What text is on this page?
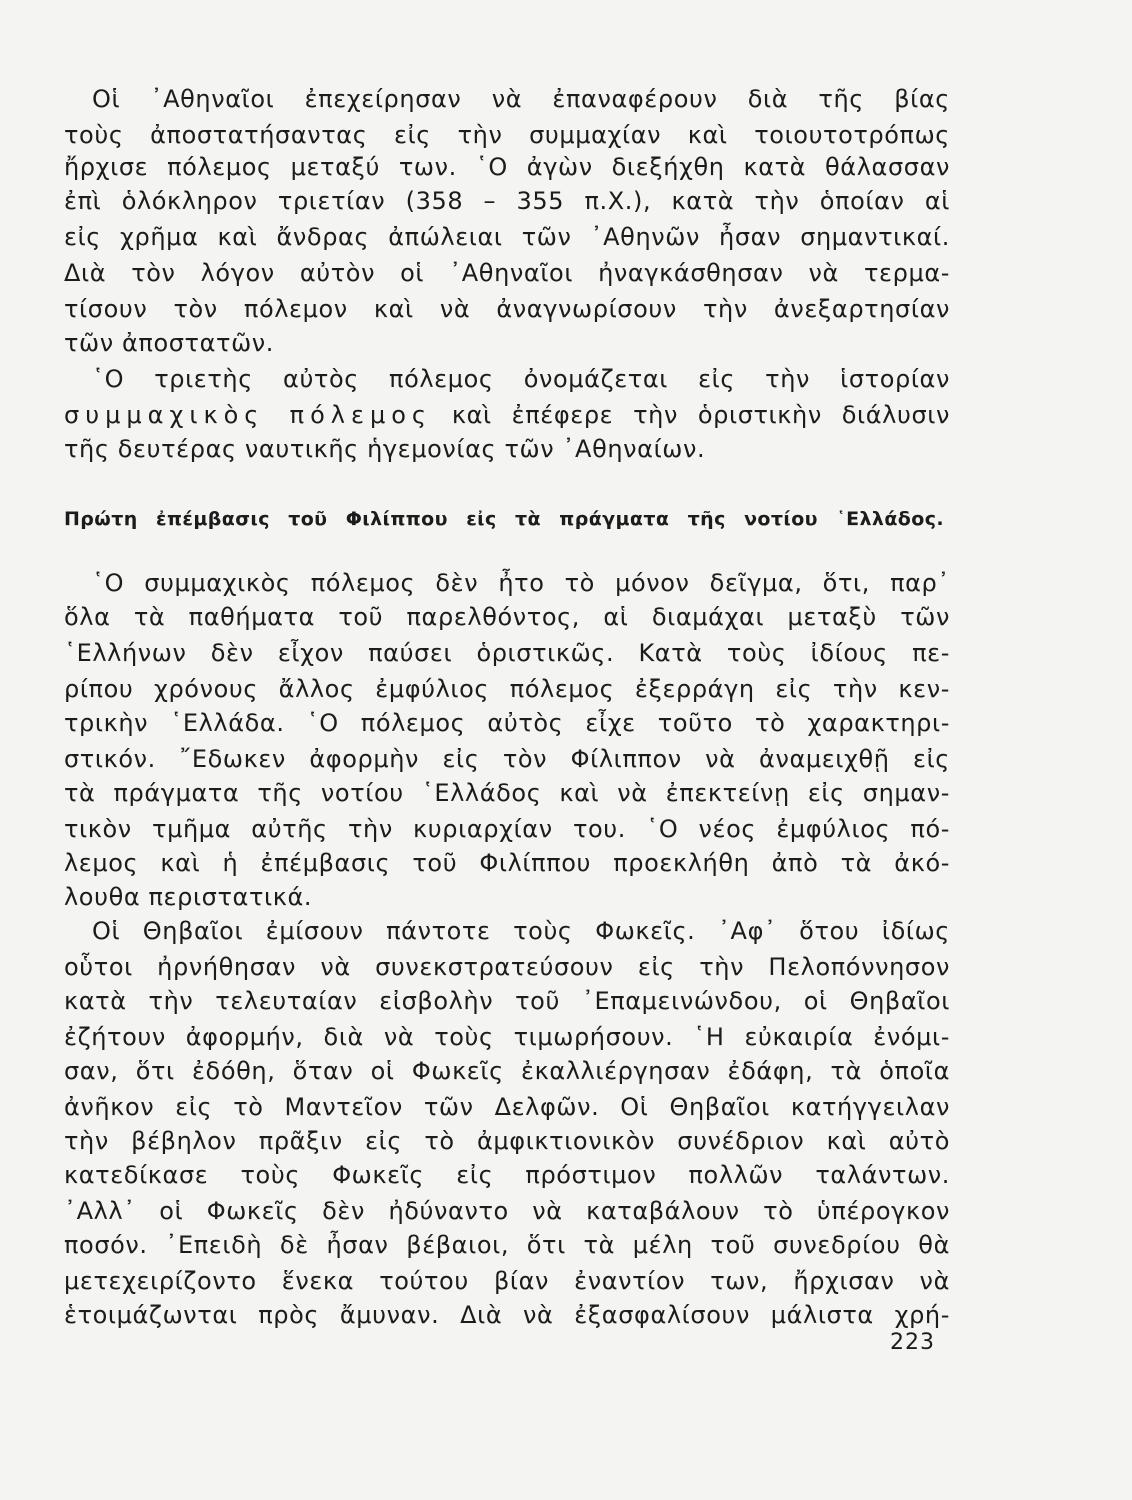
Οἱ ᾿Αθηναῖοι ἐπεχείρησαν νὰ ἐπαναφέρουν διὰ τῆς βίας
τοὺς ἀποστατήσαντας εἰς τὴν συμμαχίαν καὶ τοιουτοτρόπως
ἤρχισε πόλεμος μεταξύ των. ῾Ο ἀγὼν διεξήχθη κατὰ θάλασσαν
ἐπὶ ὁλόκληρον τριετίαν (358 – 355 π.Χ.), κατὰ τὴν ὁποίαν αἱ
εἰς χρῆμα καὶ ἄνδρας ἀπώλειαι τῶν ᾿Αθηνῶν ἦσαν σημαντικαί.
Διὰ τὸν λόγον αὐτὸν οἱ ᾿Αθηναῖοι ἠναγκάσθησαν νὰ τερμα-
τίσουν τὸν πόλεμον καὶ νὰ ἀναγνωρίσουν τὴν ἀνεξαρτησίαν
τῶν ἀποστατῶν.
῾Ο τριετὴς αὐτὸς πόλεμος ὀνομάζεται εἰς τὴν ἱστορίαν
συμμαχικὸς πόλεμος καὶ ἐπέφερε τὴν ὁριστικὴν διάλυσιν
τῆς δευτέρας ναυτικῆς ἡγεμονίας τῶν ᾿Αθηναίων.
Πρώτη ἐπέμβασις τοῦ Φιλίππου εἰς τὰ πράγματα τῆς νοτίου ῾Ελλάδος.
῾Ο συμμαχικὸς πόλεμος δὲν ἦτο τὸ μόνον δεῖγμα, ὅτι, παρ᾿
ὅλα τὰ παθήματα τοῦ παρελθόντος, αἱ διαμάχαι μεταξὺ τῶν
῾Ελλήνων δὲν εἶχον παύσει ὁριστικῶς. Κατὰ τοὺς ἰδίους πε-
ρίπου χρόνους ἄλλος ἐμφύλιος πόλεμος ἐξερράγη εἰς τὴν κεν-
τρικὴν ῾Ελλάδα. ῾Ο πόλεμος αὐτὸς εἶχε τοῦτο τὸ χαρακτηρι-
στικόν. ῎Εδωκεν ἀφορμὴν εἰς τὸν Φίλιππον νὰ ἀναμειχθῇ εἰς
τὰ πράγματα τῆς νοτίου ῾Ελλάδος καὶ νὰ ἐπεκτείνῃ εἰς σημαν-
τικὸν τμῆμα αὐτῆς τὴν κυριαρχίαν του. ῾Ο νέος ἐμφύλιος πό-
λεμος καὶ ἡ ἐπέμβασις τοῦ Φιλίππου προεκλήθη ἀπὸ τὰ ἀκό-
λουθα περιστατικά.
Οἱ Θηβαῖοι ἐμίσουν πάντοτε τοὺς Φωκεῖς. ᾿Αφ᾿ ὅτου ἰδίως
οὗτοι ἠρνήθησαν νὰ συνεκστρατεύσουν εἰς τὴν Πελοπόννησον
κατὰ τὴν τελευταίαν εἰσβολὴν τοῦ ᾿Επαμεινώνδου, οἱ Θηβαῖοι
ἐζήτουν ἀφορμήν, διὰ νὰ τοὺς τιμωρήσουν. ῾Η εὐκαιρία ἐνόμι-
σαν, ὅτι ἐδόθη, ὅταν οἱ Φωκεῖς ἐκαλλιέργησαν ἐδάφη, τὰ ὁποῖα
ἀνῆκον εἰς τὸ Μαντεῖον τῶν Δελφῶν. Οἱ Θηβαῖοι κατήγγειλαν
τὴν βέβηλον πρᾶξιν εἰς τὸ ἀμφικτιονικὸν συνέδριον καὶ αὐτὸ
κατεδίκασε τοὺς Φωκεῖς εἰς πρόστιμον πολλῶν ταλάντων.
᾿Αλλ᾿ οἱ Φωκεῖς δὲν ἠδύναντο νὰ καταβάλουν τὸ ὑπέρογκον
ποσόν. ᾿Επειδὴ δὲ ἦσαν βέβαιοι, ὅτι τὰ μέλη τοῦ συνεδρίου θὰ
μετεχειρίζοντο ἕνεκα τούτου βίαν ἐναντίον των, ἤρχισαν νὰ
ἑτοιμάζωνται πρὸς ἄμυναν. Διὰ νὰ ἐξασφαλίσουν μάλιστα χρή-
223
